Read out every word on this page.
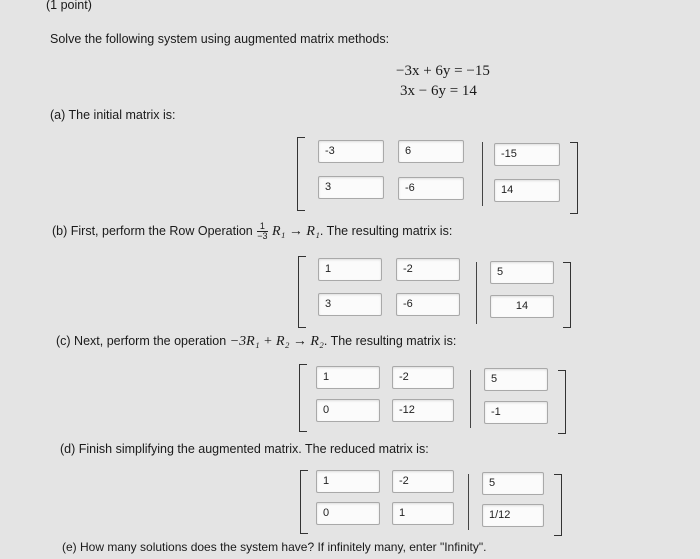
(1 point)
Solve the following system using augmented matrix methods:
−3x + 6y = −15
3x − 6y = 14
(a) The initial matrix is:
-3	6	-15
3	-6	14
(b) First, perform the Row Operation $\frac{1}{-3} R_1 \to R_1$. The resulting matrix is:
1	-2	5
3	-6	14
(c) Next, perform the operation −3R₁ + R₂ → R₂. The resulting matrix is:
1	-2	5
0	-12	-1
(d) Finish simplifying the augmented matrix. The reduced matrix is:
1	-2	5
0	1	1/12
(e) How many solutions does the system have? If infinitely many, enter "Infinity".
